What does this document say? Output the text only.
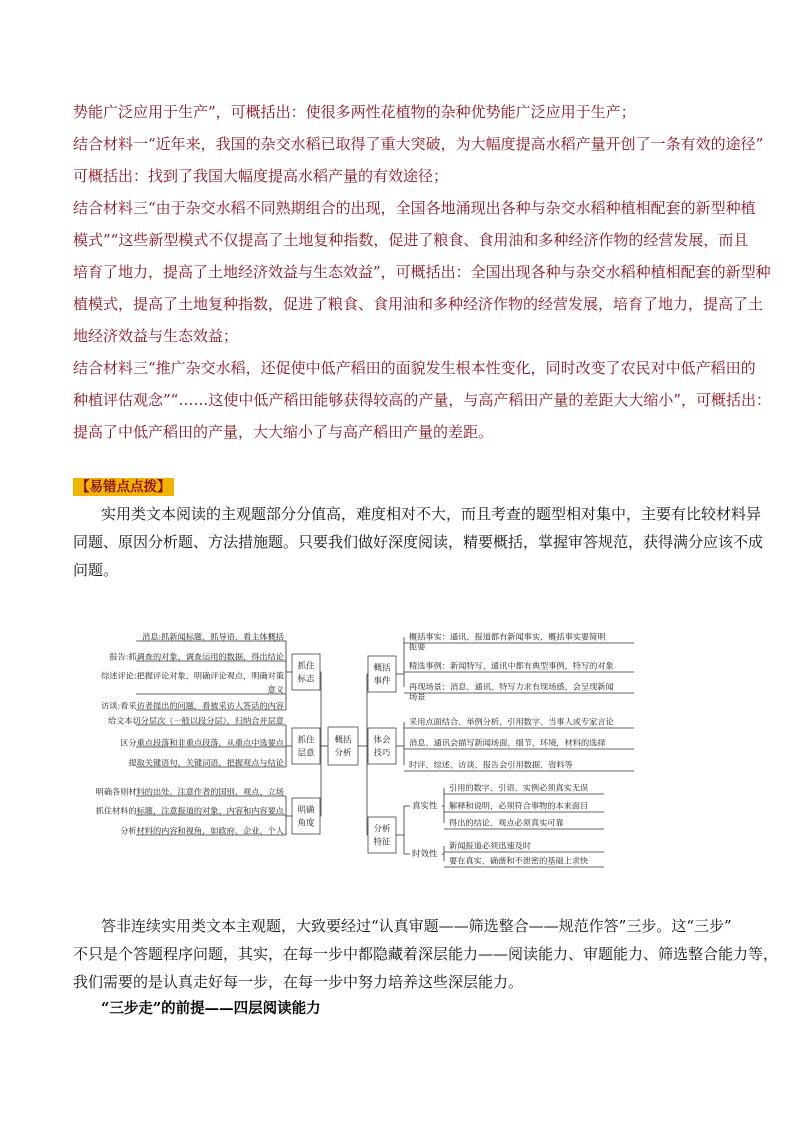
势能广泛应用于生产”，可概括出：使很多两性花植物的杂种优势能广泛应用于生产；
结合材料一“近年来，我国的杂交水稻已取得了重大突破，为大幅度提高水稻产量开创了一条有效的途径”
可概括出：找到了我国大幅度提高水稻产量的有效途径；
结合材料三“由于杂交水稻不同熟期组合的出现，全国各地涌现出各种与杂交水稻种植相配套的新型种植
模式”“这些新型模式不仅提高了土地复种指数，促进了粮食、食用油和多种经济作物的经营发展，而且
培育了地力，提高了土地经济效益与生态效益”，可概括出：全国出现各种与杂交水稻种植相配套的新型种
植模式，提高了土地复种指数，促进了粮食、食用油和多种经济作物的经营发展，培育了地力，提高了土
地经济效益与生态效益；
结合材料三“推广杂交水稻，还促使中低产稻田的面貌发生根本性变化，同时改变了农民对中低产稻田的
种植评估观念”“……这使中低产稻田能够获得较高的产量，与高产稻田产量的差距大大缩小”，可概括出：
提高了中低产稻田的产量，大大缩小了与高产稻田产量的差距。
【易错点点拨】
实用类文本阅读的主观题部分分值高，难度相对不大，而且考查的题型相对集中，主要有比较材料异
同题、原因分析题、方法措施题。只要我们做好深度阅读，精要概括，掌握审答规范，获得满分应该不成
问题。
概括
分析
抓住
标志
消息:抓新闻标题、抓导语、看主体概括
报告:抓调查的对象、调查运用的数据，得出结论
综述评论:把握评论对象，明确评论观点，明确对策
意义
访谈:看采访者提出的问题，看被采访人答话的内容
抓住
层意
给文本切分层次（一般以段分层），归纳合并层意
区分重点段落和非重点段落，从重点中选要点
提取关键语句、关键词语，把握观点与结论
明确
角度
明确各则材料的出处、注意作者的国别、观点、立场
抓住材料的标题，注意报道的对象、内容和内容要点
分析材料的内容和视角，如政府、企业、个人
概括
事件
概括事实：通讯、报道都有新闻事实，概括事实要简明
扼要
精选事例：新闻特写、通讯中都有典型事例，特写的对象
再现场景：消息、通讯、特写力求有现场感，会呈现新闻
场景
体会
技巧
采用点面结合、举例分析、引用数字、当事人或专家言论
消息、通讯会描写新闻场面、细节、环境，材料的选择
时评、综述、访谈、报告会引用数据、资料等
分析
特征
真实性
引用的数字、引语、实例必须真实无误
解释和说明，必须符合事物的本来面目
得出的结论、观点必须真实可靠
时效性
新闻报道必须迅速及时
要在真实、确凿和不泄密的基础上求快
答非连续实用类文本主观题，大致要经过“认真审题——筛选整合——规范作答”三步。这“三步”
不只是个答题程序问题，其实，在每一步中都隐藏着深层能力——阅读能力、审题能力、筛选整合能力等，
我们需要的是认真走好每一步，在每一步中努力培养这些深层能力。
“三步走”的前提——四层阅读能力
